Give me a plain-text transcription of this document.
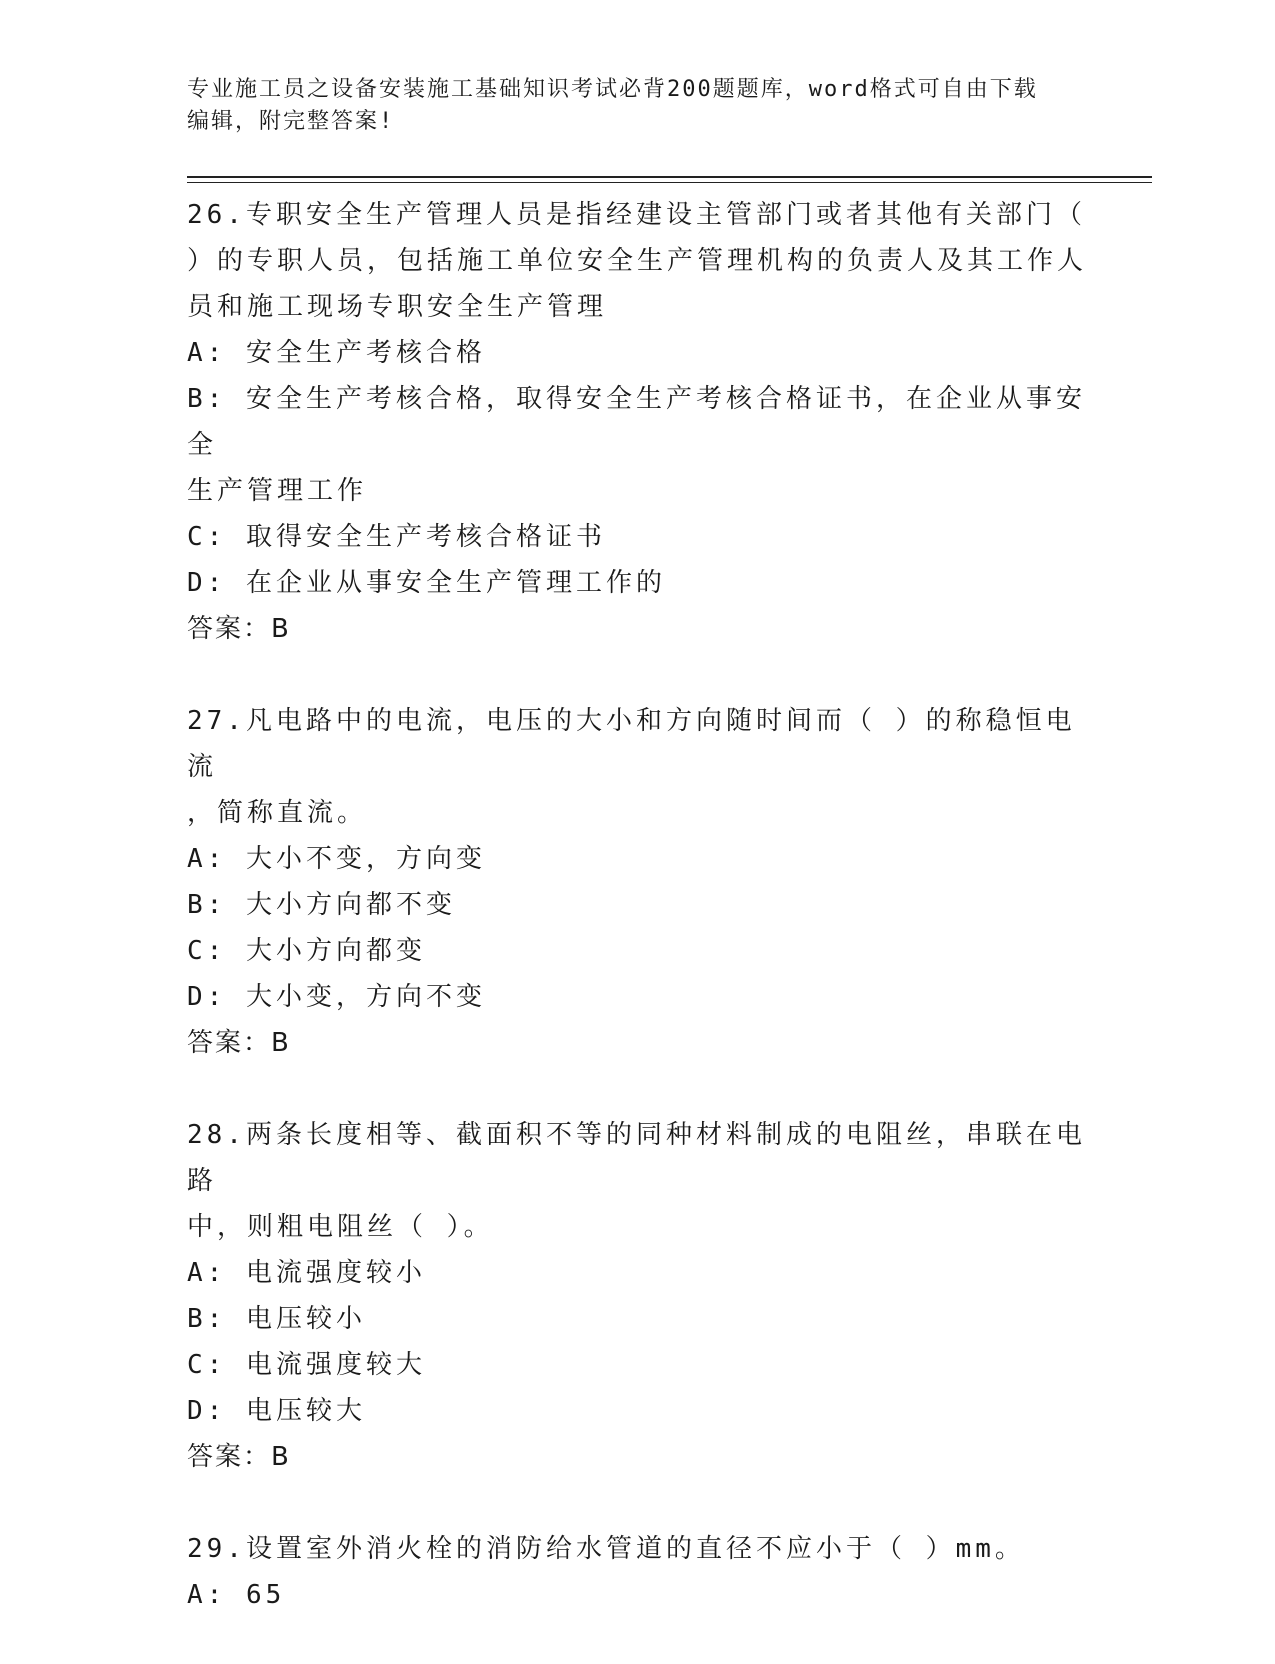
专业施工员之设备安装施工基础知识考试必背200题题库，word格式可自由下载
编辑，附完整答案!
26.专职安全生产管理人员是指经建设主管部门或者其他有关部门（
）的专职人员，包括施工单位安全生产管理机构的负责人及其工作人
员和施工现场专职安全生产管理
A: 安全生产考核合格
B: 安全生产考核合格，取得安全生产考核合格证书，在企业从事安全
生产管理工作
C: 取得安全生产考核合格证书
D: 在企业从事安全生产管理工作的
答案：B
27.凡电路中的电流，电压的大小和方向随时间而（ ）的称稳恒电流
，简称直流。
A: 大小不变，方向变
B: 大小方向都不变
C: 大小方向都变
D: 大小变，方向不变
答案：B
28.两条长度相等、截面积不等的同种材料制成的电阻丝，串联在电路
中，则粗电阻丝（ ）。
A: 电流强度较小
B: 电压较小
C: 电流强度较大
D: 电压较大
答案：B
29.设置室外消火栓的消防给水管道的直径不应小于（ ）mm。
A: 65
